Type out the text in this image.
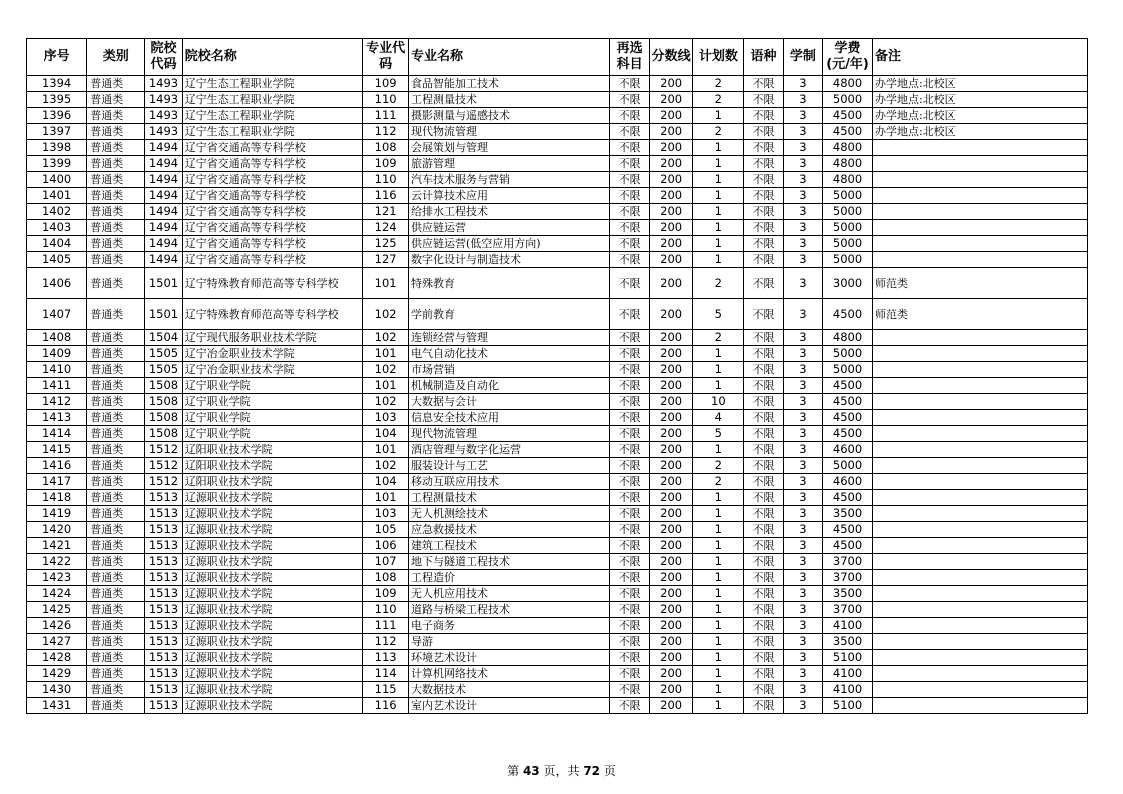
序号	类别	院校代码	院校名称	专业代码	专业名称	再选科目	分数线	计划数	语种	学制	学费(元/年)	备注
1394	普通类	1493	辽宁生态工程职业学院	109	食品智能加工技术	不限	200	2	不限	3	4800	办学地点:北校区
1395	普通类	1493	辽宁生态工程职业学院	110	工程测量技术	不限	200	2	不限	3	5000	办学地点:北校区
1396	普通类	1493	辽宁生态工程职业学院	111	摄影测量与遥感技术	不限	200	1	不限	3	4500	办学地点:北校区
1397	普通类	1493	辽宁生态工程职业学院	112	现代物流管理	不限	200	2	不限	3	4500	办学地点:北校区
1398	普通类	1494	辽宁省交通高等专科学校	108	会展策划与管理	不限	200	1	不限	3	4800	
1399	普通类	1494	辽宁省交通高等专科学校	109	旅游管理	不限	200	1	不限	3	4800	
1400	普通类	1494	辽宁省交通高等专科学校	110	汽车技术服务与营销	不限	200	1	不限	3	4800	
1401	普通类	1494	辽宁省交通高等专科学校	116	云计算技术应用	不限	200	1	不限	3	5000	
1402	普通类	1494	辽宁省交通高等专科学校	121	给排水工程技术	不限	200	1	不限	3	5000	
1403	普通类	1494	辽宁省交通高等专科学校	124	供应链运营	不限	200	1	不限	3	5000	
1404	普通类	1494	辽宁省交通高等专科学校	125	供应链运营(低空应用方向)	不限	200	1	不限	3	5000	
1405	普通类	1494	辽宁省交通高等专科学校	127	数字化设计与制造技术	不限	200	1	不限	3	5000	
1406	普通类	1501	辽宁特殊教育师范高等专科学校	101	特殊教育	不限	200	2	不限	3	3000	师范类
1407	普通类	1501	辽宁特殊教育师范高等专科学校	102	学前教育	不限	200	5	不限	3	4500	师范类
1408	普通类	1504	辽宁现代服务职业技术学院	102	连锁经营与管理	不限	200	2	不限	3	4800	
1409	普通类	1505	辽宁冶金职业技术学院	101	电气自动化技术	不限	200	1	不限	3	5000	
1410	普通类	1505	辽宁冶金职业技术学院	102	市场营销	不限	200	1	不限	3	5000	
1411	普通类	1508	辽宁职业学院	101	机械制造及自动化	不限	200	1	不限	3	4500	
1412	普通类	1508	辽宁职业学院	102	大数据与会计	不限	200	10	不限	3	4500	
1413	普通类	1508	辽宁职业学院	103	信息安全技术应用	不限	200	4	不限	3	4500	
1414	普通类	1508	辽宁职业学院	104	现代物流管理	不限	200	5	不限	3	4500	
1415	普通类	1512	辽阳职业技术学院	101	酒店管理与数字化运营	不限	200	1	不限	3	4600	
1416	普通类	1512	辽阳职业技术学院	102	服装设计与工艺	不限	200	2	不限	3	5000	
1417	普通类	1512	辽阳职业技术学院	104	移动互联应用技术	不限	200	2	不限	3	4600	
1418	普通类	1513	辽源职业技术学院	101	工程测量技术	不限	200	1	不限	3	4500	
1419	普通类	1513	辽源职业技术学院	103	无人机测绘技术	不限	200	1	不限	3	3500	
1420	普通类	1513	辽源职业技术学院	105	应急救援技术	不限	200	1	不限	3	4500	
1421	普通类	1513	辽源职业技术学院	106	建筑工程技术	不限	200	1	不限	3	4500	
1422	普通类	1513	辽源职业技术学院	107	地下与隧道工程技术	不限	200	1	不限	3	3700	
1423	普通类	1513	辽源职业技术学院	108	工程造价	不限	200	1	不限	3	3700	
1424	普通类	1513	辽源职业技术学院	109	无人机应用技术	不限	200	1	不限	3	3500	
1425	普通类	1513	辽源职业技术学院	110	道路与桥梁工程技术	不限	200	1	不限	3	3700	
1426	普通类	1513	辽源职业技术学院	111	电子商务	不限	200	1	不限	3	4100	
1427	普通类	1513	辽源职业技术学院	112	导游	不限	200	1	不限	3	3500	
1428	普通类	1513	辽源职业技术学院	113	环境艺术设计	不限	200	1	不限	3	5100	
1429	普通类	1513	辽源职业技术学院	114	计算机网络技术	不限	200	1	不限	3	4100	
1430	普通类	1513	辽源职业技术学院	115	大数据技术	不限	200	1	不限	3	4100	
1431	普通类	1513	辽源职业技术学院	116	室内艺术设计	不限	200	1	不限	3	5100	
第 43 页，共 72 页
